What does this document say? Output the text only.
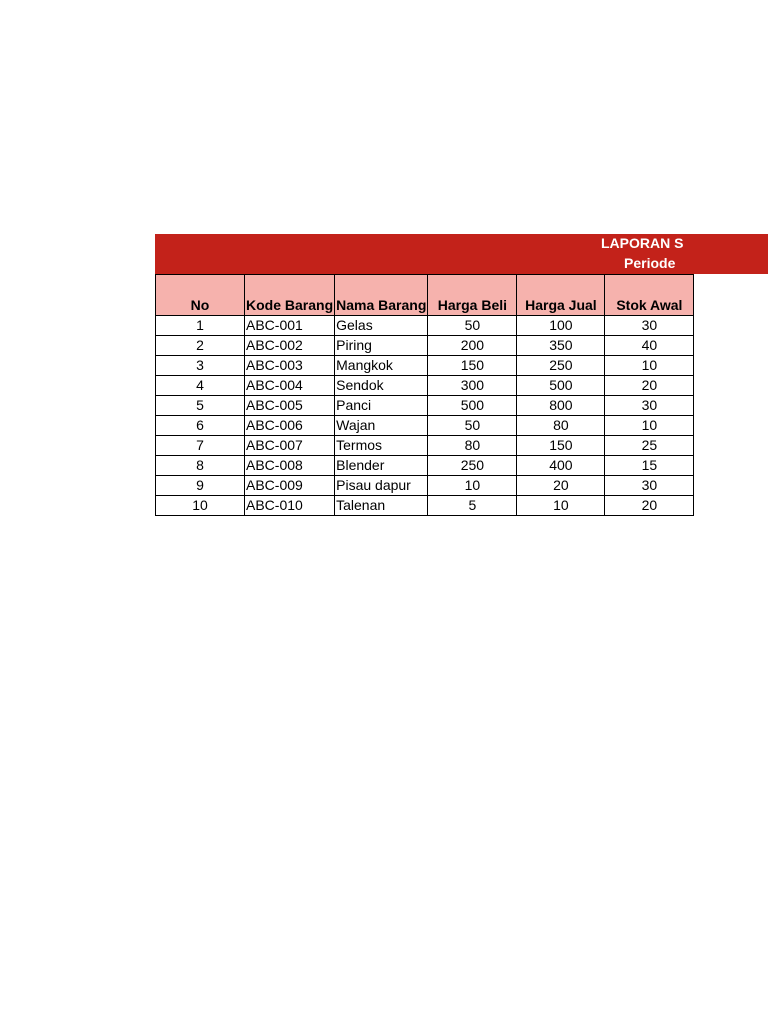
LAPORAN S
Periode
No	Kode Barang	Nama Barang	Harga Beli	Harga Jual	Stok Awal
1	ABC-001	Gelas	50	100	30
2	ABC-002	Piring	200	350	40
3	ABC-003	Mangkok	150	250	10
4	ABC-004	Sendok	300	500	20
5	ABC-005	Panci	500	800	30
6	ABC-006	Wajan	50	80	10
7	ABC-007	Termos	80	150	25
8	ABC-008	Blender	250	400	15
9	ABC-009	Pisau dapur	10	20	30
10	ABC-010	Talenan	5	10	20
